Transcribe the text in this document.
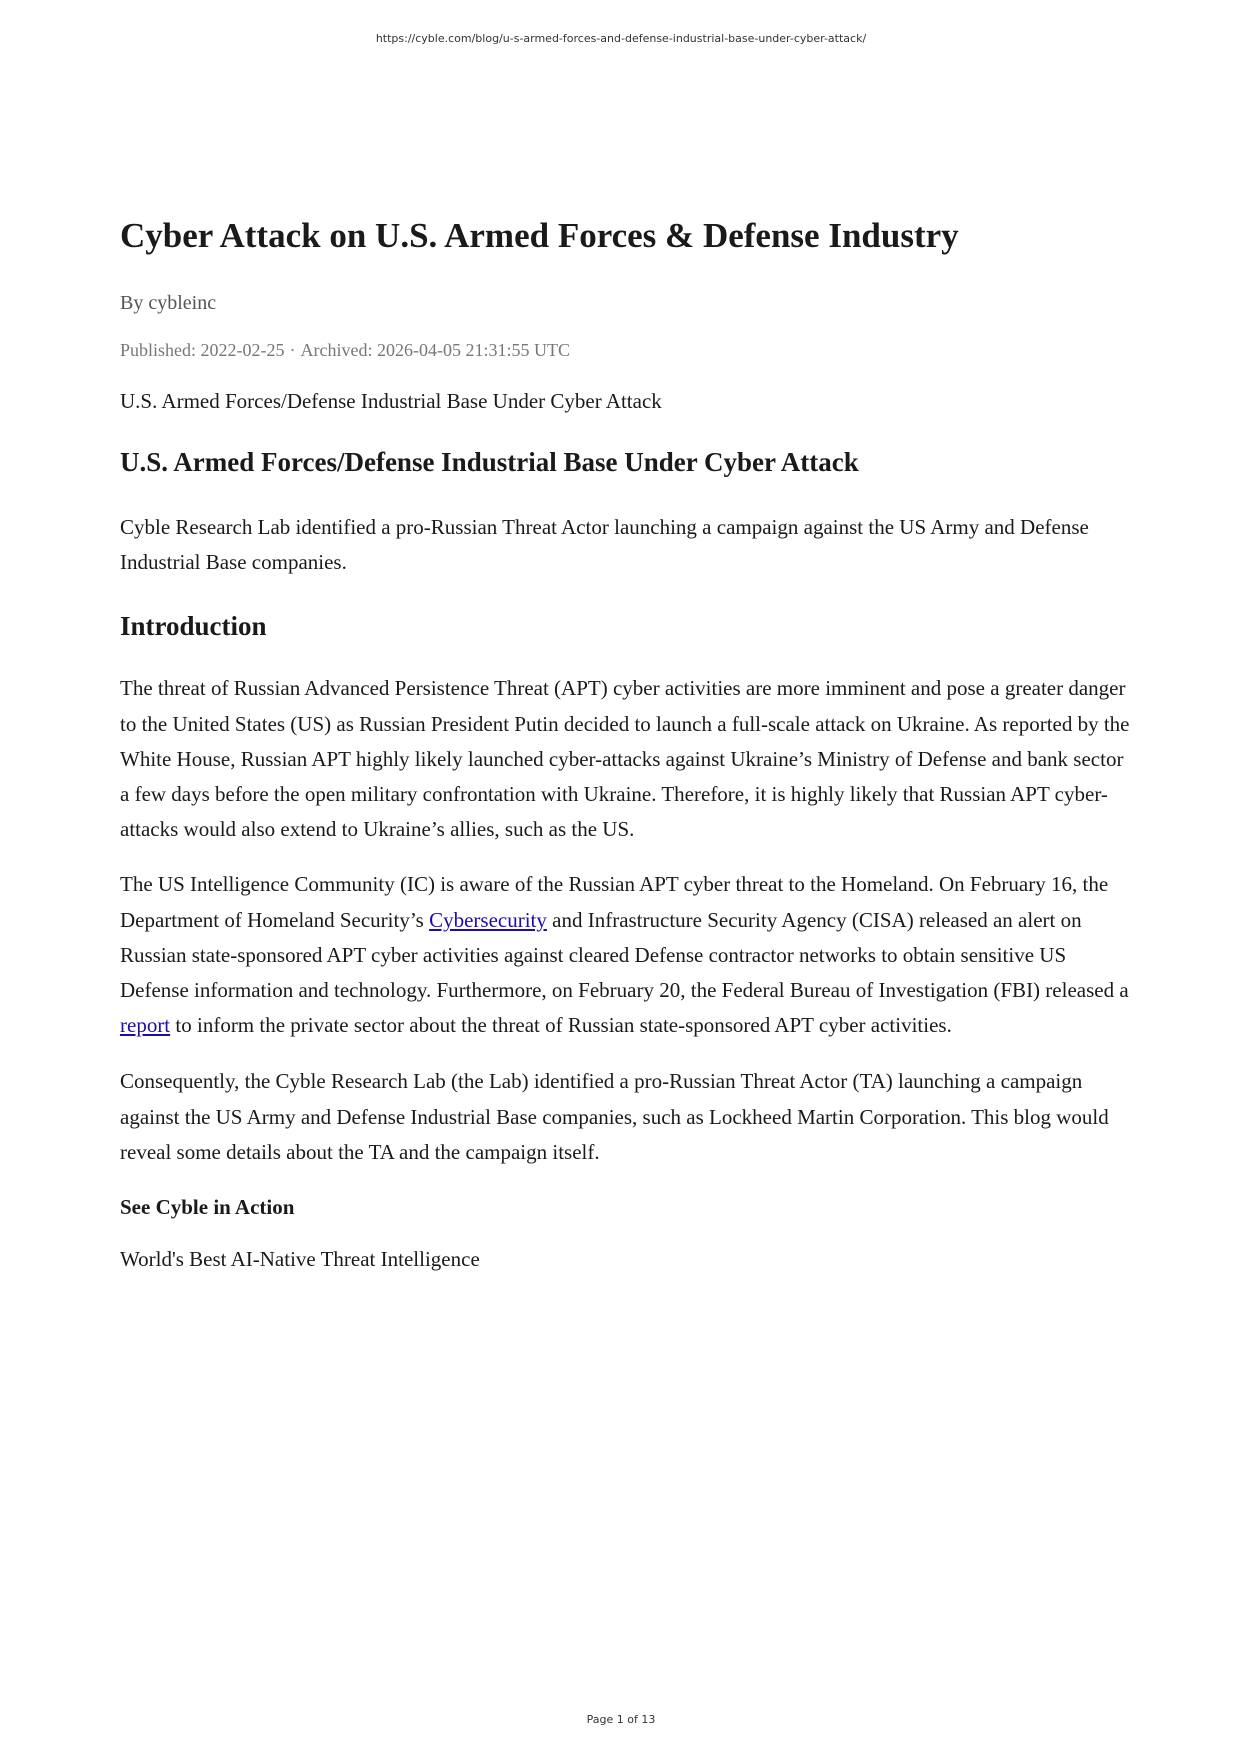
https://cyble.com/blog/u-s-armed-forces-and-defense-industrial-base-under-cyber-attack/
Cyber Attack on U.S. Armed Forces & Defense Industry
By cybleinc
Published: 2022-02-25 · Archived: 2026-04-05 21:31:55 UTC
U.S. Armed Forces/Defense Industrial Base Under Cyber Attack
U.S. Armed Forces/Defense Industrial Base Under Cyber Attack

Cyble Research Lab identified a pro-Russian Threat Actor launching a campaign against the US Army and Defense Industrial Base companies.

Introduction

The threat of Russian Advanced Persistence Threat (APT) cyber activities are more imminent and pose a greater danger to the United States (US) as Russian President Putin decided to launch a full-scale attack on Ukraine. As reported by the White House, Russian APT highly likely launched cyber-attacks against Ukraine’s Ministry of Defense and bank sector a few days before the open military confrontation with Ukraine. Therefore, it is highly likely that Russian APT cyber-attacks would also extend to Ukraine’s allies, such as the US.

The US Intelligence Community (IC) is aware of the Russian APT cyber threat to the Homeland. On February 16, the Department of Homeland Security’s Cybersecurity and Infrastructure Security Agency (CISA) released an alert on Russian state-sponsored APT cyber activities against cleared Defense contractor networks to obtain sensitive US Defense information and technology. Furthermore, on February 20, the Federal Bureau of Investigation (FBI) released a report to inform the private sector about the threat of Russian state-sponsored APT cyber activities.

Consequently, the Cyble Research Lab (the Lab) identified a pro-Russian Threat Actor (TA) launching a campaign against the US Army and Defense Industrial Base companies, such as Lockheed Martin Corporation. This blog would reveal some details about the TA and the campaign itself.

See Cyble in Action
World's Best AI-Native Threat Intelligence
Page 1 of 13
